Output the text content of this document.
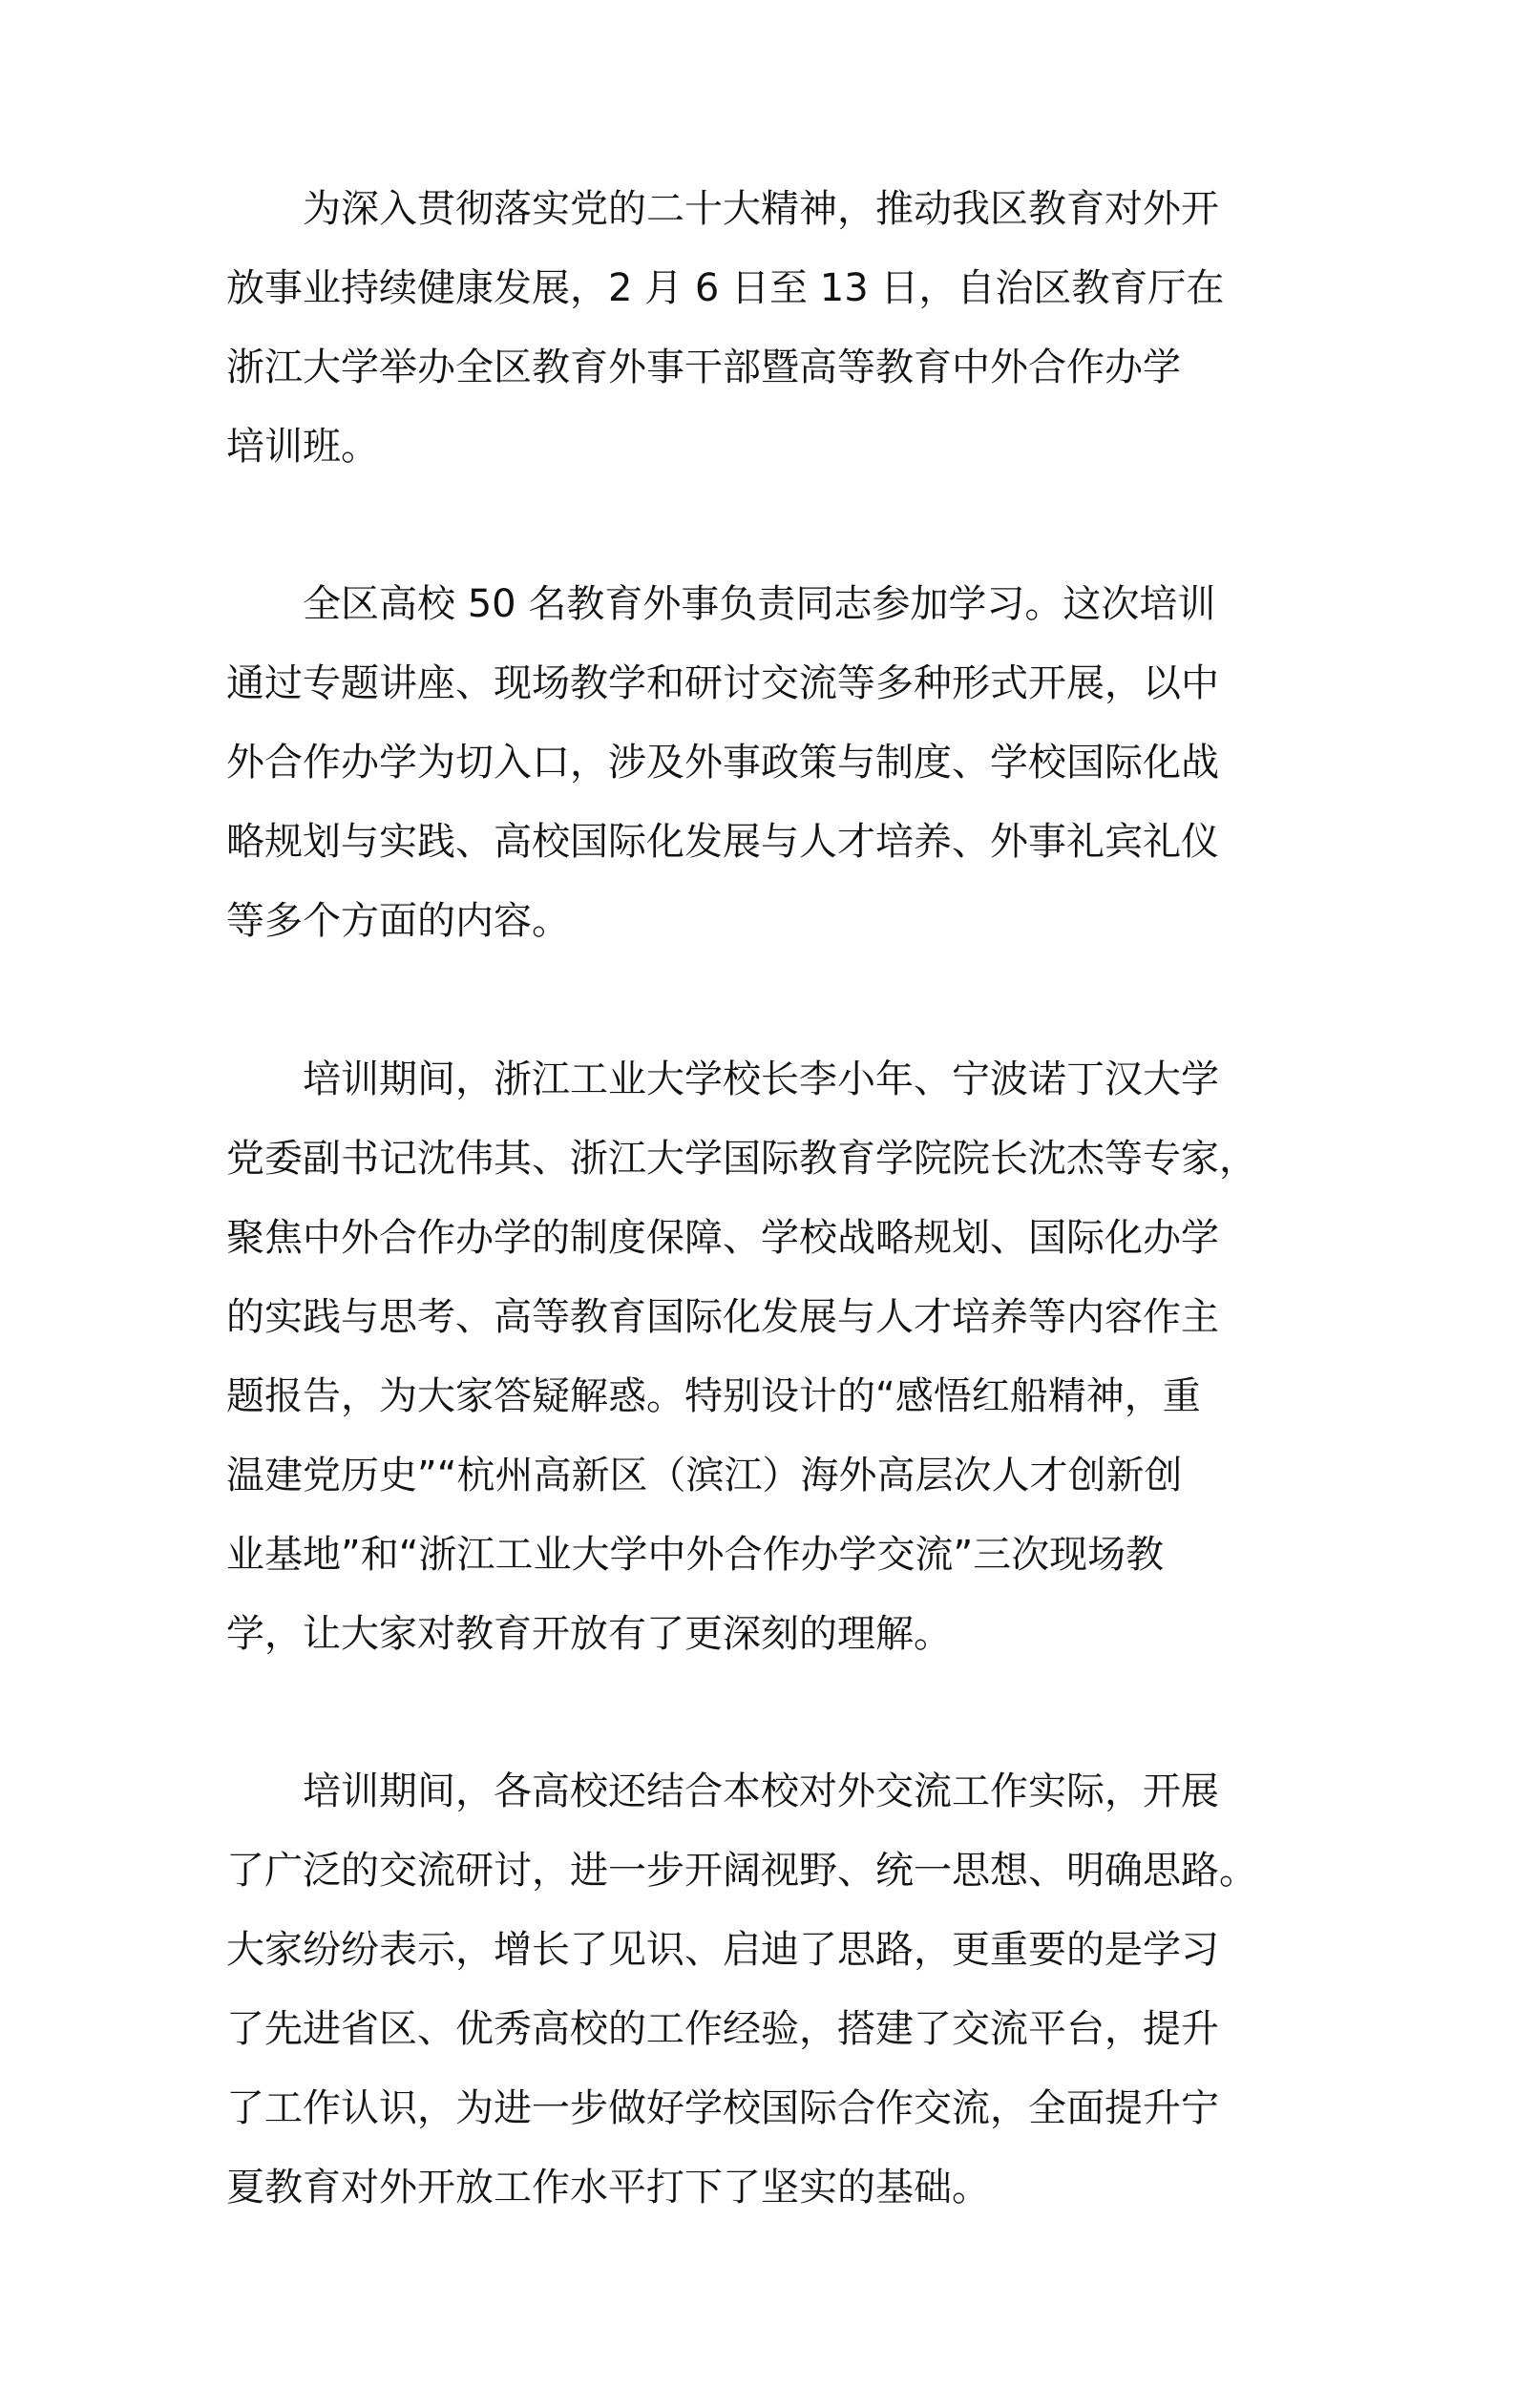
　　为深入贯彻落实党的二十大精神，推动我区教育对外开
放事业持续健康发展，2 月 6 日至 13 日，自治区教育厅在
浙江大学举办全区教育外事干部暨高等教育中外合作办学
培训班。
　　全区高校 50 名教育外事负责同志参加学习。这次培训
通过专题讲座、现场教学和研讨交流等多种形式开展，以中
外合作办学为切入口，涉及外事政策与制度、学校国际化战
略规划与实践、高校国际化发展与人才培养、外事礼宾礼仪
等多个方面的内容。
　　培训期间，浙江工业大学校长李小年、宁波诺丁汉大学
党委副书记沈伟其、浙江大学国际教育学院院长沈杰等专家，
聚焦中外合作办学的制度保障、学校战略规划、国际化办学
的实践与思考、高等教育国际化发展与人才培养等内容作主
题报告，为大家答疑解惑。特别设计的“感悟红船精神，重
温建党历史”“杭州高新区（滨江）海外高层次人才创新创
业基地”和“浙江工业大学中外合作办学交流”三次现场教
学，让大家对教育开放有了更深刻的理解。
　　培训期间，各高校还结合本校对外交流工作实际，开展
了广泛的交流研讨，进一步开阔视野、统一思想、明确思路。
大家纷纷表示，增长了见识、启迪了思路，更重要的是学习
了先进省区、优秀高校的工作经验，搭建了交流平台，提升
了工作认识，为进一步做好学校国际合作交流，全面提升宁
夏教育对外开放工作水平打下了坚实的基础。
